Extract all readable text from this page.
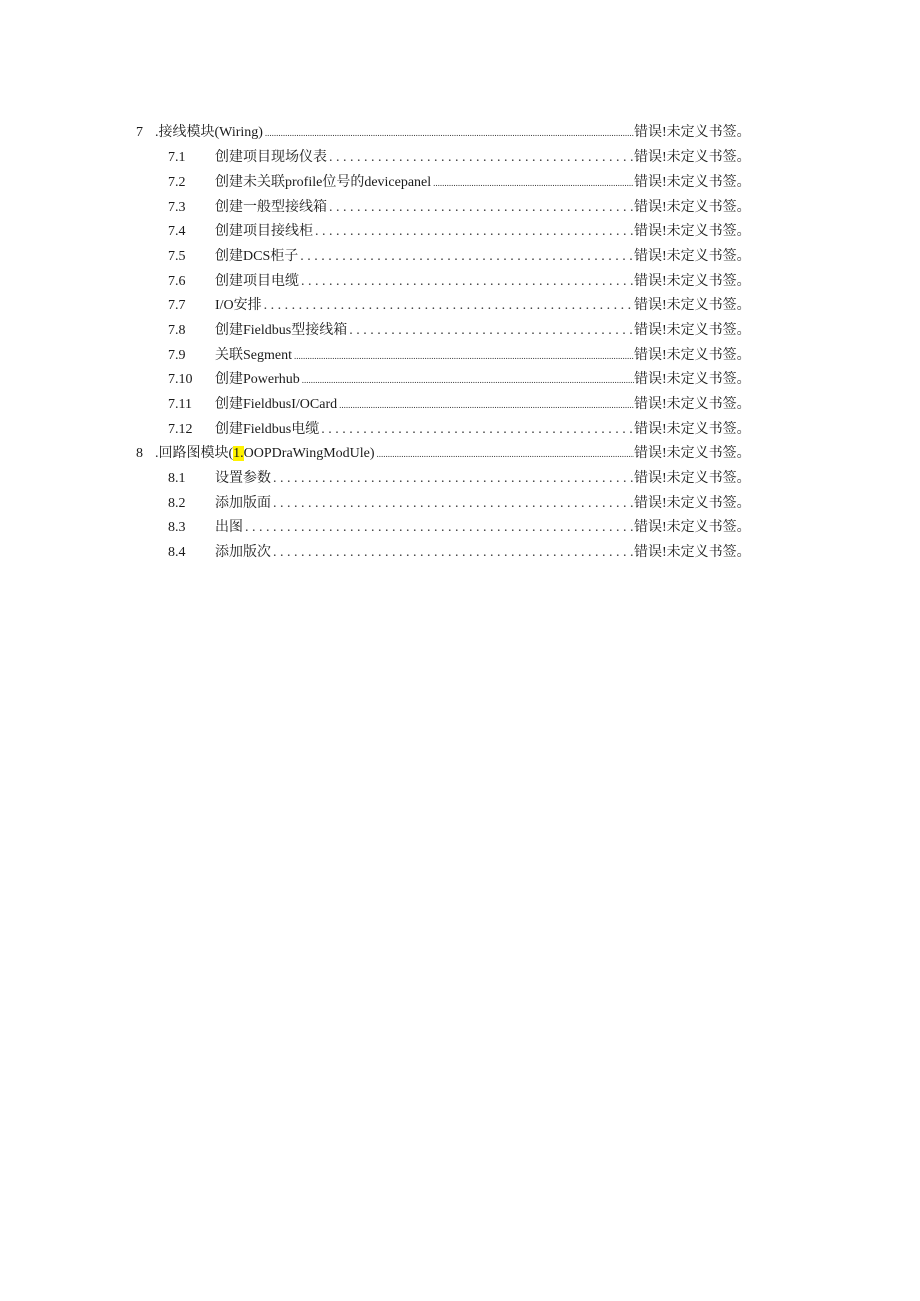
7 .接线模块(Wiring) .....	错误!未定义书签。
7.1 创建项目现场仪表 . . .	错误!未定义书签。
7.2 创建未关联profile位号的devicepanel .....	错误!未定义书签。
7.3 创建一般型接线箱 . . .	错误!未定义书签。
7.4 创建项目接线柜 . . .	错误!未定义书签。
7.5 创建DCS柜子 . . .	错误!未定义书签。
7.6 创建项目电缆 . . .	错误!未定义书签。
7.7 I/O安排 . . .	错误!未定义书签。
7.8 创建Fieldbus型接线箱 . . .	错误!未定义书签。
7.9 关联Segment .....	错误!未定义书签。
7.10 创建Powerhub .....	错误!未定义书签。
7.11 创建FieldbusI/OCard .....	错误!未定义书签。
7.12 创建Fieldbus电缆 . . .	错误!未定义书签。
8 .回路图模块(1.OOPDraWingModUle) .....	错误!未定义书签。
8.1 设置参数 . . .	错误!未定义书签。
8.2 添加版面 . . .	错误!未定义书签。
8.3 出图 . . .	错误!未定义书签。
8.4 添加版次 . . .	错误!未定义书签。
